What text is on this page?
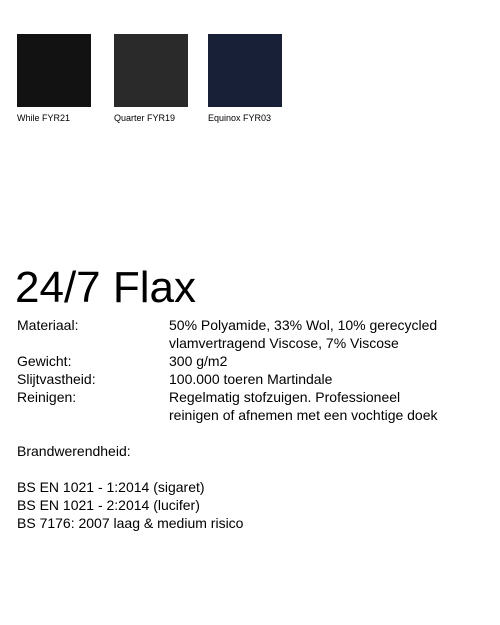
While FYR21	Quarter FYR19	Equinox FYR03
24/7 Flax
Materiaal:	50% Polyamide, 33% Wol, 10% gerecycled
vlamvertragend Viscose, 7% Viscose
Gewicht:	300 g/m2
Slijtvastheid:	100.000 toeren Martindale
Reinigen:	Regelmatig stofzuigen. Professioneel
reinigen of afnemen met een vochtige doek
Brandwerendheid:
BS EN 1021 - 1:2014 (sigaret)
BS EN 1021 - 2:2014 (lucifer)
BS 7176: 2007 laag & medium risico
